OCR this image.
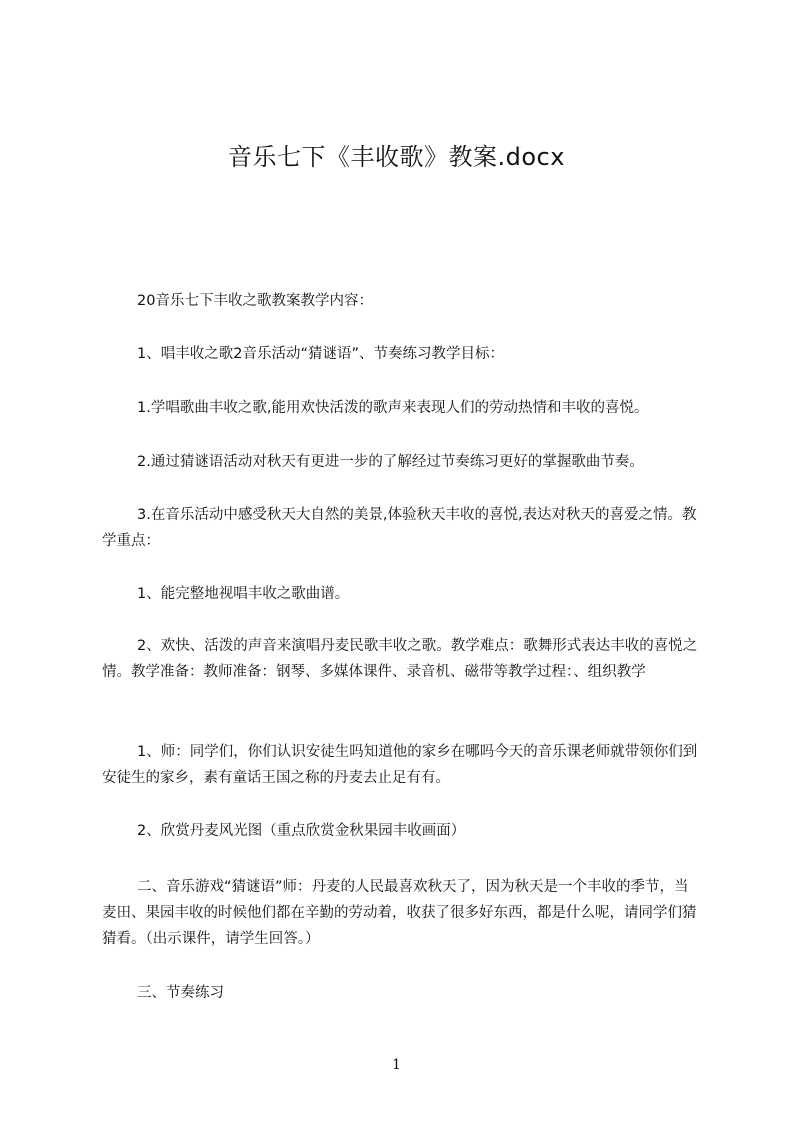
音乐七下《丰收歌》教案.docx

20音乐七下丰收之歌教案教学内容：

1、唱丰收之歌2音乐活动“猜谜语”、节奏练习教学目标：

1.学唱歌曲丰收之歌,能用欢快活泼的歌声来表现人们的劳动热情和丰收的喜悦。

2.通过猜谜语活动对秋天有更进一步的了解经过节奏练习更好的掌握歌曲节奏。

3.在音乐活动中感受秋天大自然的美景,体验秋天丰收的喜悦,表达对秋天的喜爱之情。教学重点：

1、能完整地视唱丰收之歌曲谱。

2、欢快、活泼的声音来演唱丹麦民歌丰收之歌。教学难点：歌舞形式表达丰收的喜悦之情。教学准备：教师准备：钢琴、多媒体课件、录音机、磁带等教学过程：、组织教学

1、师：同学们，你们认识安徒生吗知道他的家乡在哪吗今天的音乐课老师就带领你们到安徒生的家乡，素有童话王国之称的丹麦去止足有有。

2、欣赏丹麦风光图（重点欣赏金秋果园丰收画面）

二、音乐游戏“猜谜语”师：丹麦的人民最喜欢秋天了，因为秋天是一个丰收的季节，当麦田、果园丰收的时候他们都在辛勤的劳动着，收获了很多好东西，都是什么呢，请同学们猜猜看。（出示课件，请学生回答。）

三、节奏练习

1
